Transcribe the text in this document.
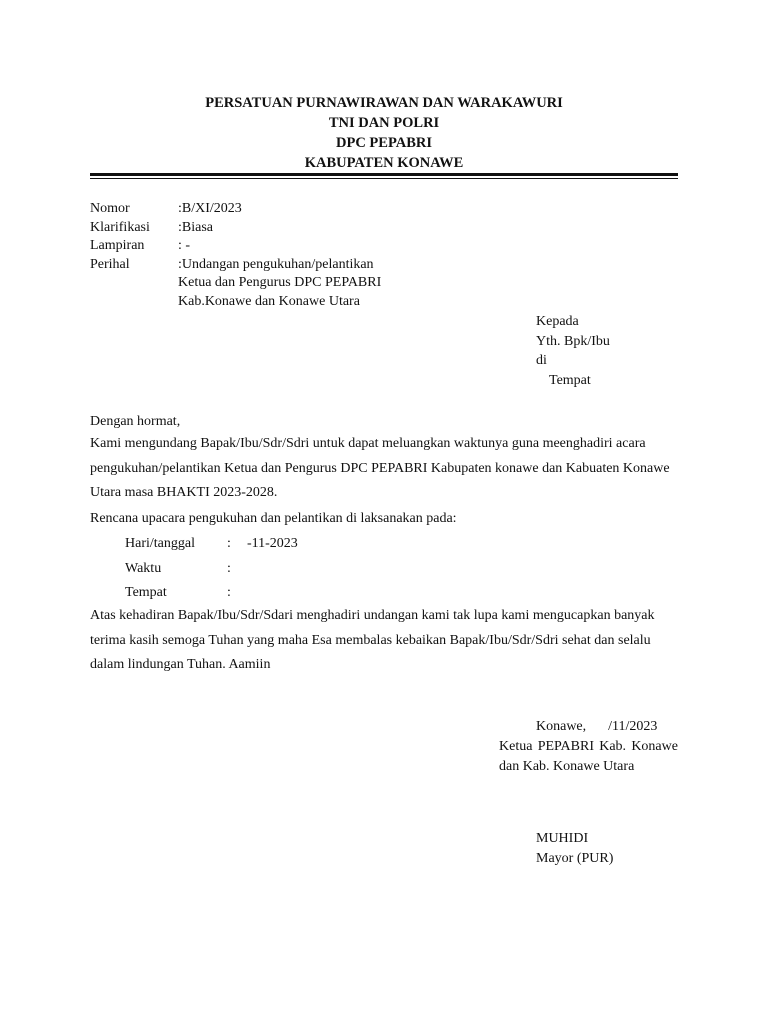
PERSATUAN PURNAWIRAWAN DAN WARAKAWURI
TNI DAN POLRI
DPC PEPABRI
KABUPATEN KONAWE
Nomor	:B/XI/2023
Klarifikasi	:Biasa
Lampiran	: -
Perihal	:Undangan pengukuhan/pelantikan
Ketua dan Pengurus DPC PEPABRI
Kab.Konawe dan Konawe Utara
Kepada
Yth. Bpk/Ibu
di
Tempat
Dengan hormat,
Kami mengundang Bapak/Ibu/Sdr/Sdri untuk dapat meluangkan waktunya guna meenghadiri acara
pengukuhan/pelantikan Ketua dan Pengurus DPC PEPABRI Kabupaten konawe dan Kabuaten Konawe
Utara masa BHAKTI 2023-2028.
Rencana upacara pengukuhan dan pelantikan di laksanakan pada:
Hari/tanggal	:	-11-2023
Waktu	:
Tempat	:
Atas kehadiran Bapak/Ibu/Sdr/Sdari menghadiri undangan kami tak lupa kami mengucapkan banyak
terima kasih semoga Tuhan yang maha Esa membalas kebaikan Bapak/Ibu/Sdr/Sdri sehat dan selalu
dalam lindungan Tuhan. Aamiin
Konawe, /11/2023
Ketua PEPABRI Kab. Konawe
dan Kab. Konawe Utara
MUHIDI
Mayor (PUR)
